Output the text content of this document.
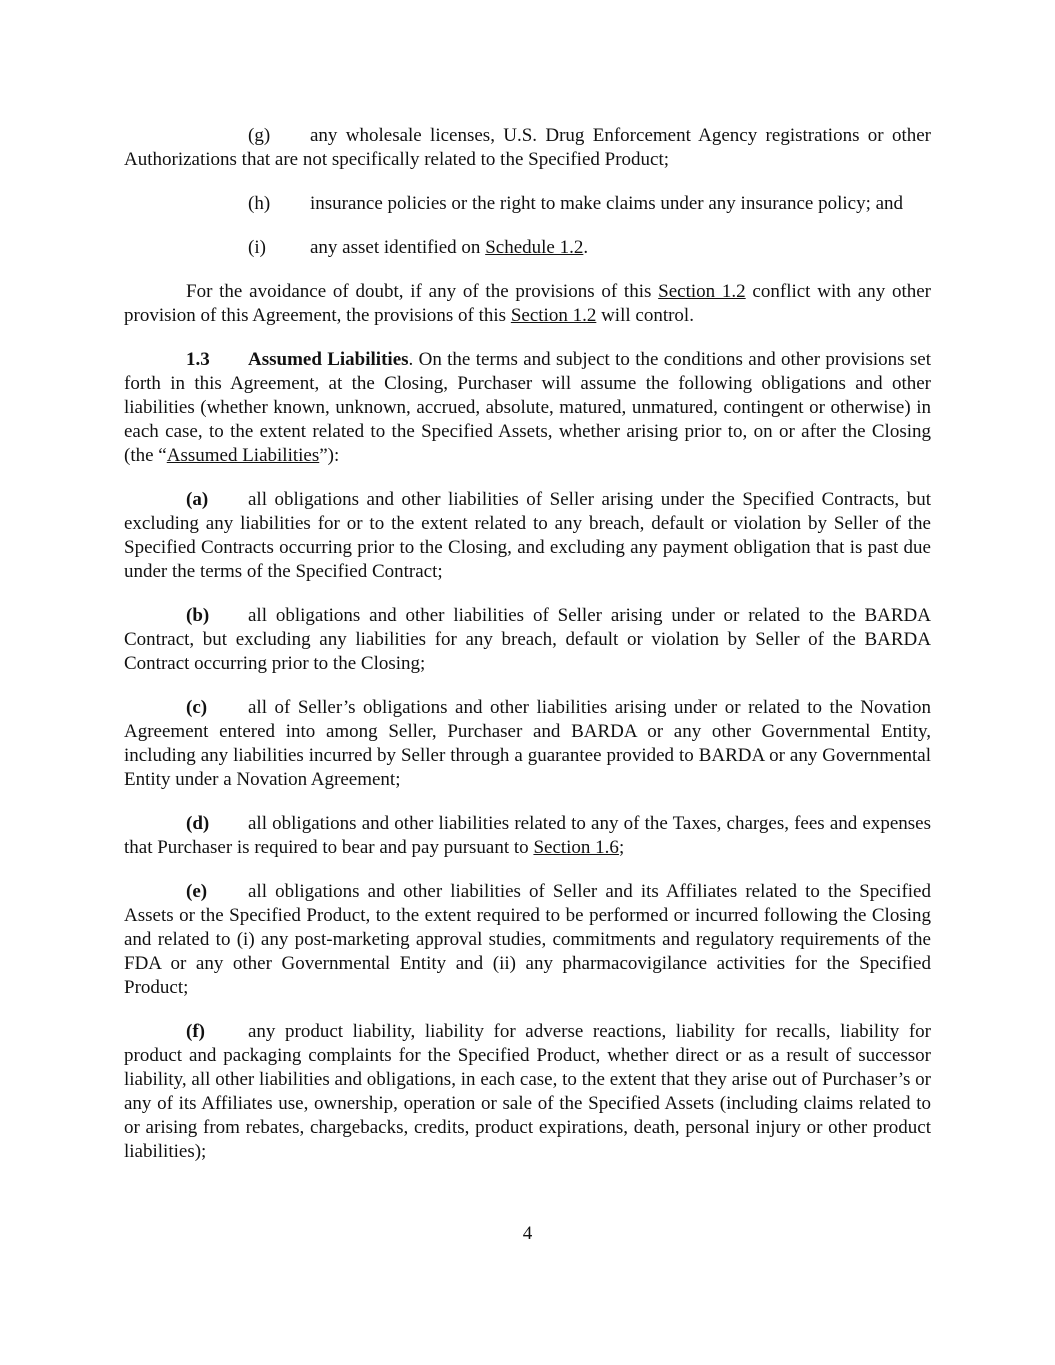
(g) any wholesale licenses, U.S. Drug Enforcement Agency registrations or other Authorizations that are not specifically related to the Specified Product;

(h) insurance policies or the right to make claims under any insurance policy; and

(i) any asset identified on Schedule 1.2.

For the avoidance of doubt, if any of the provisions of this Section 1.2 conflict with any other provision of this Agreement, the provisions of this Section 1.2 will control.

1.3 Assumed Liabilities. On the terms and subject to the conditions and other provisions set forth in this Agreement, at the Closing, Purchaser will assume the following obligations and other liabilities (whether known, unknown, accrued, absolute, matured, unmatured, contingent or otherwise) in each case, to the extent related to the Specified Assets, whether arising prior to, on or after the Closing (the “Assumed Liabilities”):

(a) all obligations and other liabilities of Seller arising under the Specified Contracts, but excluding any liabilities for or to the extent related to any breach, default or violation by Seller of the Specified Contracts occurring prior to the Closing, and excluding any payment obligation that is past due under the terms of the Specified Contract;

(b) all obligations and other liabilities of Seller arising under or related to the BARDA Contract, but excluding any liabilities for any breach, default or violation by Seller of the BARDA Contract occurring prior to the Closing;

(c) all of Seller’s obligations and other liabilities arising under or related to the Novation Agreement entered into among Seller, Purchaser and BARDA or any other Governmental Entity, including any liabilities incurred by Seller through a guarantee provided to BARDA or any Governmental Entity under a Novation Agreement;

(d) all obligations and other liabilities related to any of the Taxes, charges, fees and expenses that Purchaser is required to bear and pay pursuant to Section 1.6;

(e) all obligations and other liabilities of Seller and its Affiliates related to the Specified Assets or the Specified Product, to the extent required to be performed or incurred following the Closing and related to (i) any post-marketing approval studies, commitments and regulatory requirements of the FDA or any other Governmental Entity and (ii) any pharmacovigilance activities for the Specified Product;

(f) any product liability, liability for adverse reactions, liability for recalls, liability for product and packaging complaints for the Specified Product, whether direct or as a result of successor liability, all other liabilities and obligations, in each case, to the extent that they arise out of Purchaser’s or any of its Affiliates use, ownership, operation or sale of the Specified Assets (including claims related to or arising from rebates, chargebacks, credits, product expirations, death, personal injury or other product liabilities);

4
